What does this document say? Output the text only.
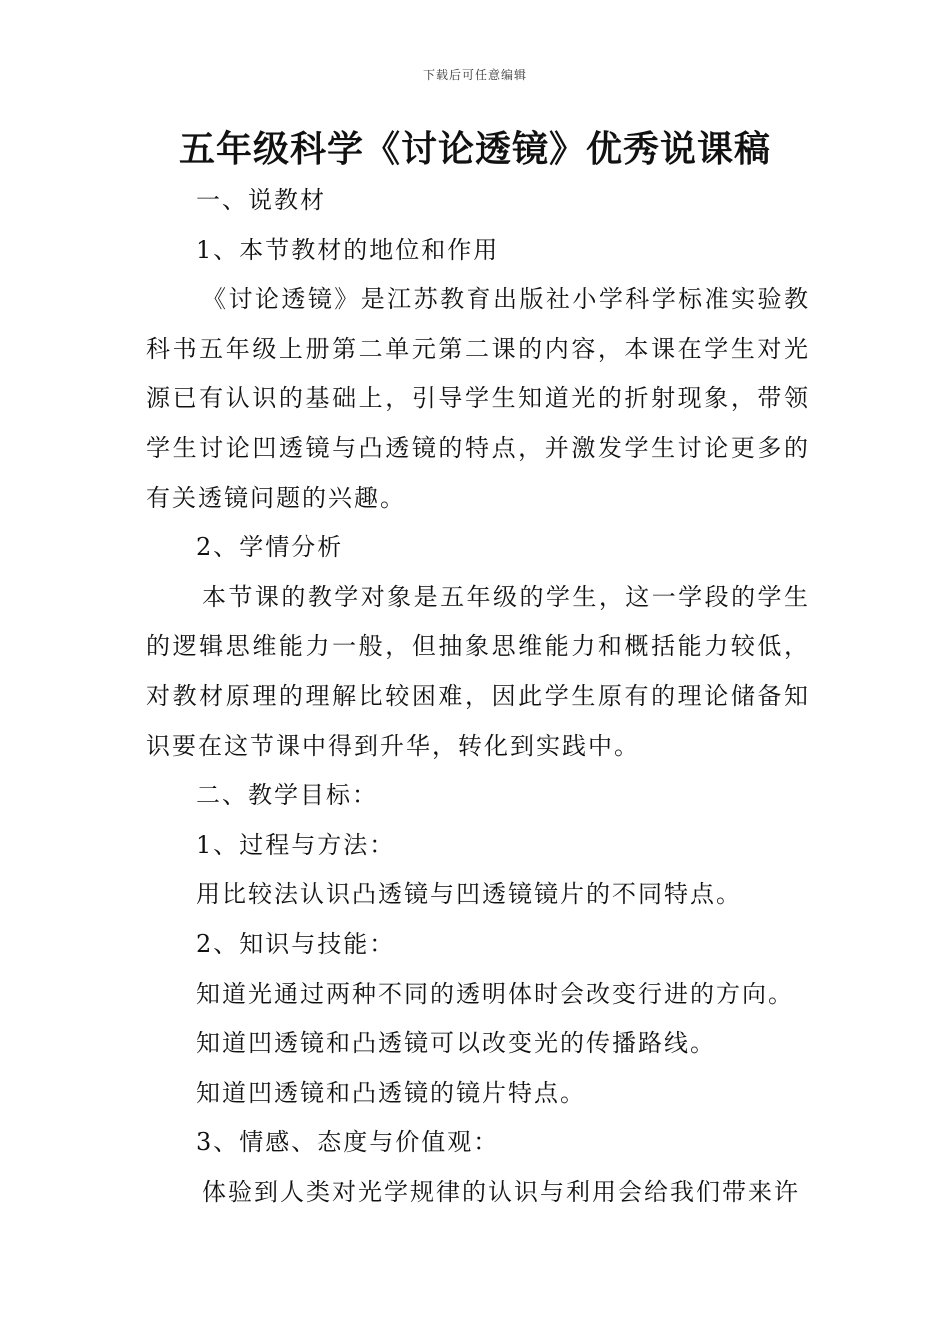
下载后可任意编辑
五年级科学《讨论透镜》优秀说课稿
一、说教材
1、本节教材的地位和作用
《讨论透镜》是江苏教育出版社小学科学标准实验教
科书五年级上册第二单元第二课的内容，本课在学生对光
源已有认识的基础上，引导学生知道光的折射现象，带领
学生讨论凹透镜与凸透镜的特点，并激发学生讨论更多的
有关透镜问题的兴趣。
2、学情分析
本节课的教学对象是五年级的学生，这一学段的学生
的逻辑思维能力一般，但抽象思维能力和概括能力较低，
对教材原理的理解比较困难，因此学生原有的理论储备知
识要在这节课中得到升华，转化到实践中。
二、教学目标：
1、过程与方法：
用比较法认识凸透镜与凹透镜镜片的不同特点。
2、知识与技能：
知道光通过两种不同的透明体时会改变行进的方向。
知道凹透镜和凸透镜可以改变光的传播路线。
知道凹透镜和凸透镜的镜片特点。
3、情感、态度与价值观：
体验到人类对光学规律的认识与利用会给我们带来许
